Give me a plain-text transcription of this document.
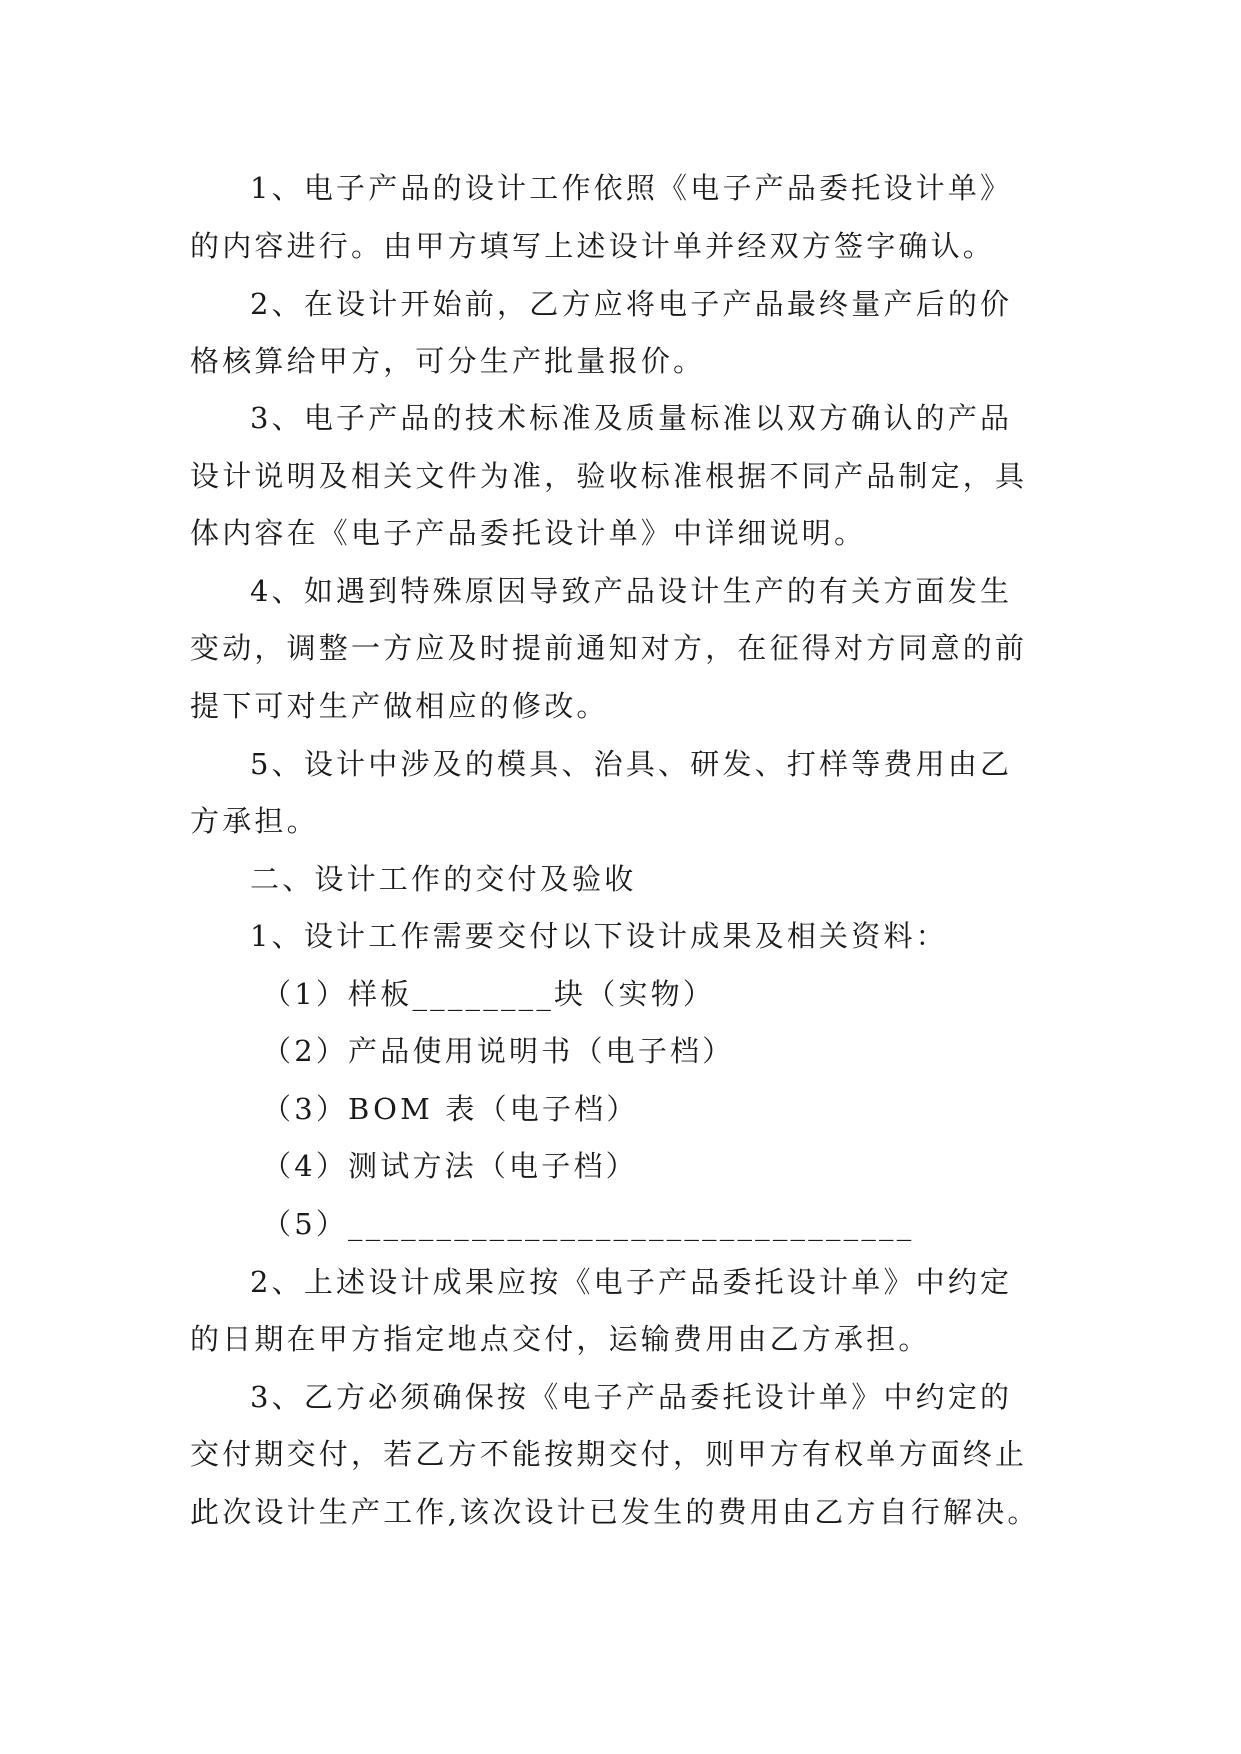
1、电子产品的设计工作依照《电子产品委托设计单》
的内容进行。由甲方填写上述设计单并经双方签字确认。
2、在设计开始前，乙方应将电子产品最终量产后的价
格核算给甲方，可分生产批量报价。
3、电子产品的技术标准及质量标准以双方确认的产品
设计说明及相关文件为准，验收标准根据不同产品制定，具
体内容在《电子产品委托设计单》中详细说明。
4、如遇到特殊原因导致产品设计生产的有关方面发生
变动，调整一方应及时提前通知对方，在征得对方同意的前
提下可对生产做相应的修改。
5、设计中涉及的模具、治具、研发、打样等费用由乙
方承担。
二、设计工作的交付及验收
1、设计工作需要交付以下设计成果及相关资料：
（1）样板________块（实物）
（2）产品使用说明书（电子档）
（3）BOM 表（电子档）
（4）测试方法（电子档）
（5）________________________________
2、上述设计成果应按《电子产品委托设计单》中约定
的日期在甲方指定地点交付，运输费用由乙方承担。
3、乙方必须确保按《电子产品委托设计单》中约定的
交付期交付，若乙方不能按期交付，则甲方有权单方面终止
此次设计生产工作,该次设计已发生的费用由乙方自行解决。
